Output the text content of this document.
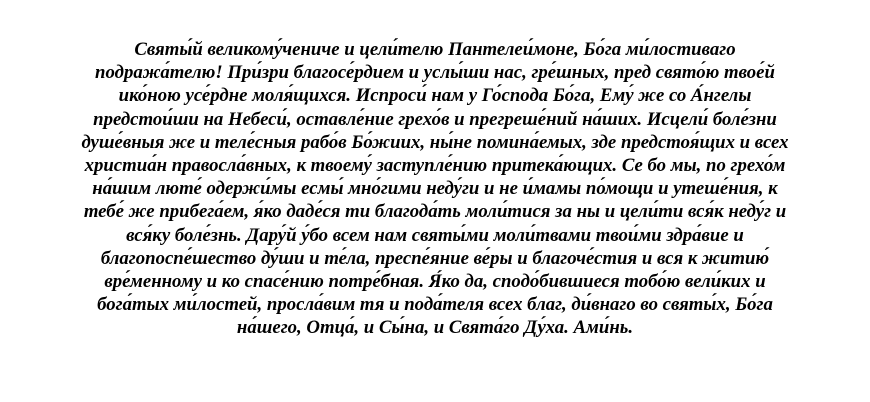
Святы́й великому́чениче и цели́телю Пантелеи́моне, Бо́га ми́лостиваго
подража́телю! При́зри благосе́рдием и услы́ши нас, гре́шных, пред свято́ю твое́й
ико́ною усе́рдне моля́щихся. Испроси́ нам у Го́спода Бо́га, Ему́ же со А́нгелы
предстои́ши на Небеси́, оставле́ние грехо́в и прегреше́ний на́ших. Исцели́ боле́зни
душе́вныя же и теле́сныя рабо́в Бо́жиих, ны́не помина́емых, зде предстоя́щих и всех
христиа́н правосла́вных, к твоему́ заступле́нию притека́ющих. Се бо мы, по грехо́м
на́шим люте́ одержи́мы есмы́ мно́гими неду́ги и не и́мамы по́мощи и утеше́ния, к
тебе́ же прибега́ем, я́ко даде́ся ти благода́ть моли́тися за ны и цели́ти вся́к неду́г и
вся́ку боле́знь. Дару́й у́бо всем нам святы́ми моли́твами твои́ми здра́вие и
благопоспе́шество ду́ши и те́ла, преспе́яние ве́ры и благоче́стия и вся к житию́
вре́менному и ко спасе́нию потре́бная. Я́ко да, сподо́бившиеся тобо́ю вели́ких и
бога́тых ми́лостей, просла́вим тя и пода́теля всех благ, ди́внаго во святы́х, Бо́га
на́шего, Отца́, и Сы́на, и Свята́го Ду́ха. Ами́нь.
